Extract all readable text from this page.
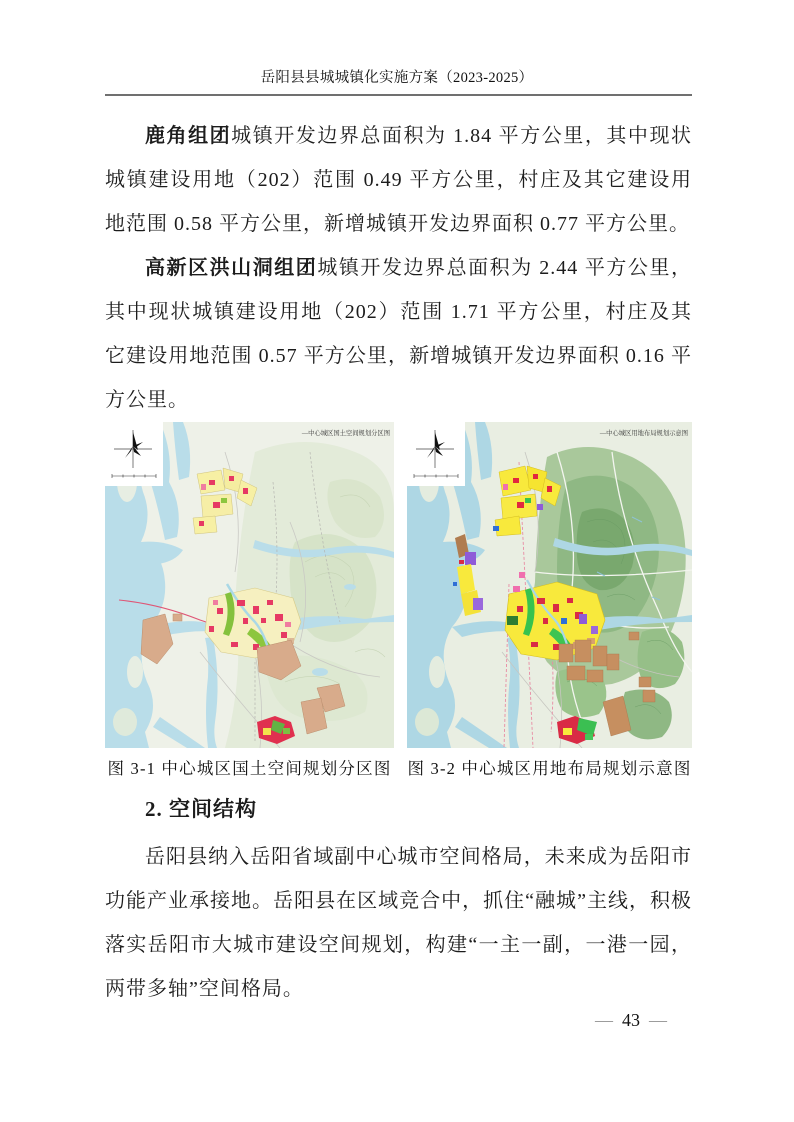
岳阳县县城城镇化实施方案（2023-2025）

鹿角组团城镇开发边界总面积为 1.84 平方公里，其中现状城镇建设用地（202）范围 0.49 平方公里，村庄及其它建设用地范围 0.58 平方公里，新增城镇开发边界面积 0.77 平方公里。

高新区洪山洞组团城镇开发边界总面积为 2.44 平方公里，其中现状城镇建设用地（202）范围 1.71 平方公里，村庄及其它建设用地范围 0.57 平方公里，新增城镇开发边界面积 0.16 平方公里。

—中心城区国土空间规划分区图
图 3-1 中心城区国土空间规划分区图
—中心城区用地布局规划示意图
图 3-2 中心城区用地布局规划示意图
2. 空间结构

岳阳县纳入岳阳省域副中心城市空间格局，未来成为岳阳市功能产业承接地。岳阳县在区域竞合中，抓住“融城”主线，积极落实岳阳市大城市建设空间规划，构建“一主一副，一港一园，两带多轴”空间格局。

— 43 —
